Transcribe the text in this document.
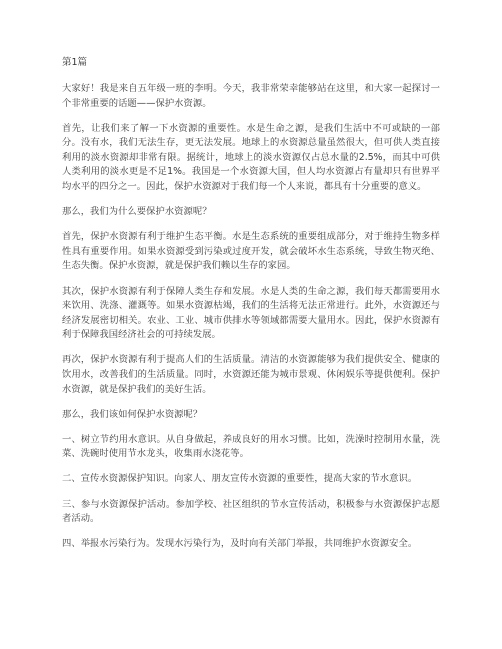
第1篇

大家好！我是来自五年级一班的李明。今天，我非常荣幸能够站在这里，和大家一起探讨一个非常重要的话题——保护水资源。

首先，让我们来了解一下水资源的重要性。水是生命之源，是我们生活中不可或缺的一部分。没有水，我们无法生存，更无法发展。地球上的水资源总量虽然很大，但可供人类直接利用的淡水资源却非常有限。据统计，地球上的淡水资源仅占总水量的2.5%，而其中可供人类利用的淡水更是不足1%。我国是一个水资源大国，但人均水资源占有量却只有世界平均水平的四分之一。因此，保护水资源对于我们每一个人来说，都具有十分重要的意义。

那么，我们为什么要保护水资源呢？

首先，保护水资源有利于维护生态平衡。水是生态系统的重要组成部分，对于维持生物多样性具有重要作用。如果水资源受到污染或过度开发，就会破坏水生态系统，导致生物灭绝、生态失衡。保护水资源，就是保护我们赖以生存的家园。

其次，保护水资源有利于保障人类生存和发展。水是人类的生命之源，我们每天都需要用水来饮用、洗涤、灌溉等。如果水资源枯竭，我们的生活将无法正常进行。此外，水资源还与经济发展密切相关。农业、工业、城市供排水等领域都需要大量用水。因此，保护水资源有利于保障我国经济社会的可持续发展。

再次，保护水资源有利于提高人们的生活质量。清洁的水资源能够为我们提供安全、健康的饮用水，改善我们的生活质量。同时，水资源还能为城市景观、休闲娱乐等提供便利。保护水资源，就是保护我们的美好生活。

那么，我们该如何保护水资源呢？

一、树立节约用水意识。从自身做起，养成良好的用水习惯。比如，洗澡时控制用水量，洗菜、洗碗时使用节水龙头，收集雨水浇花等。

二、宣传水资源保护知识。向家人、朋友宣传水资源的重要性，提高大家的节水意识。

三、参与水资源保护活动。参加学校、社区组织的节水宣传活动，积极参与水资源保护志愿者活动。

四、举报水污染行为。发现水污染行为，及时向有关部门举报，共同维护水资源安全。
